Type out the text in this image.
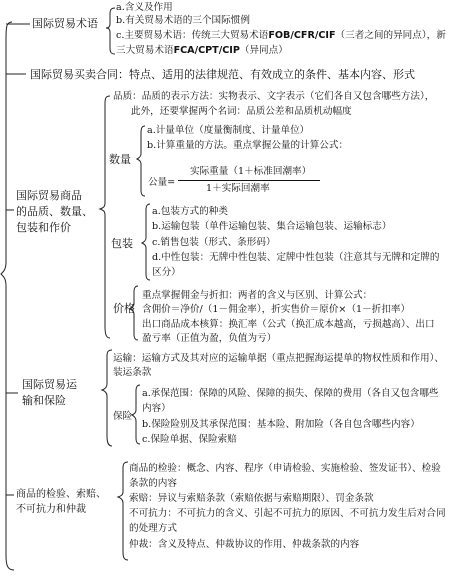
国际贸易术语
a.含义及作用
b.有关贸易术语的三个国际惯例
c.主要贸易术语：传统三大贸易术语FOB/CFR/CIF（三者之间的异同点），新
三大贸易术语FCA/CPT/CIP（异同点）
国际贸易买卖合同：特点、适用的法律规范、有效成立的条件、基本内容、形式
国际贸易商品
的品质、数量、
包装和作价
品质：品质的表示方法：实物表示、文字表示（它们各自又包含哪些方法），
此外，还要掌握两个名词：品质公差和品质机动幅度
数量
a.计量单位（度量衡制度、计量单位）
b.计算重量的方法。重点掌握公量的计算公式：
公量=
实际重量（1＋标准回潮率）
1＋实际回潮率
包装
a.包装方式的种类
b.运输包装（单件运输包装、集合运输包装、运输标志）
c.销售包装（形式、条形码）
d.中性包装：无牌中性包装、定牌中性包装（注意其与无牌和定牌的
区分）
价格
重点掌握佣金与折扣：两者的含义与区别、计算公式：
含佣价＝净价/（1－佣金率），折实售价＝原价×（1－折扣率）
出口商品成本核算：换汇率（公式（换汇成本越高，亏损越高）、出口
盈亏率（正值为盈，负值为亏）
国际贸易运
输和保险
运输：运输方式及其对应的运输单据（重点把握海运提单的物权性质和作用）、
装运条款
保险
a.承保范围：保障的风险、保障的损失、保障的费用（各自又包含哪些
内容）
b.保险险别及其承保范围：基本险、附加险（各自包含哪些内容）
c.保险单据、保险索赔
商品的检验、索赔、
不可抗力和仲裁
商品的检验：概念、内容、程序（申请检验、实施检验、签发证书）、检验
条款的内容
索赔：异议与索赔条款（索赔依据与索赔期限）、罚金条款
不可抗力：不可抗力的含义、引起不可抗力的原因、不可抗力发生后对合同
的处理方式
仲裁：含义及特点、仲裁协议的作用、仲裁条款的内容
